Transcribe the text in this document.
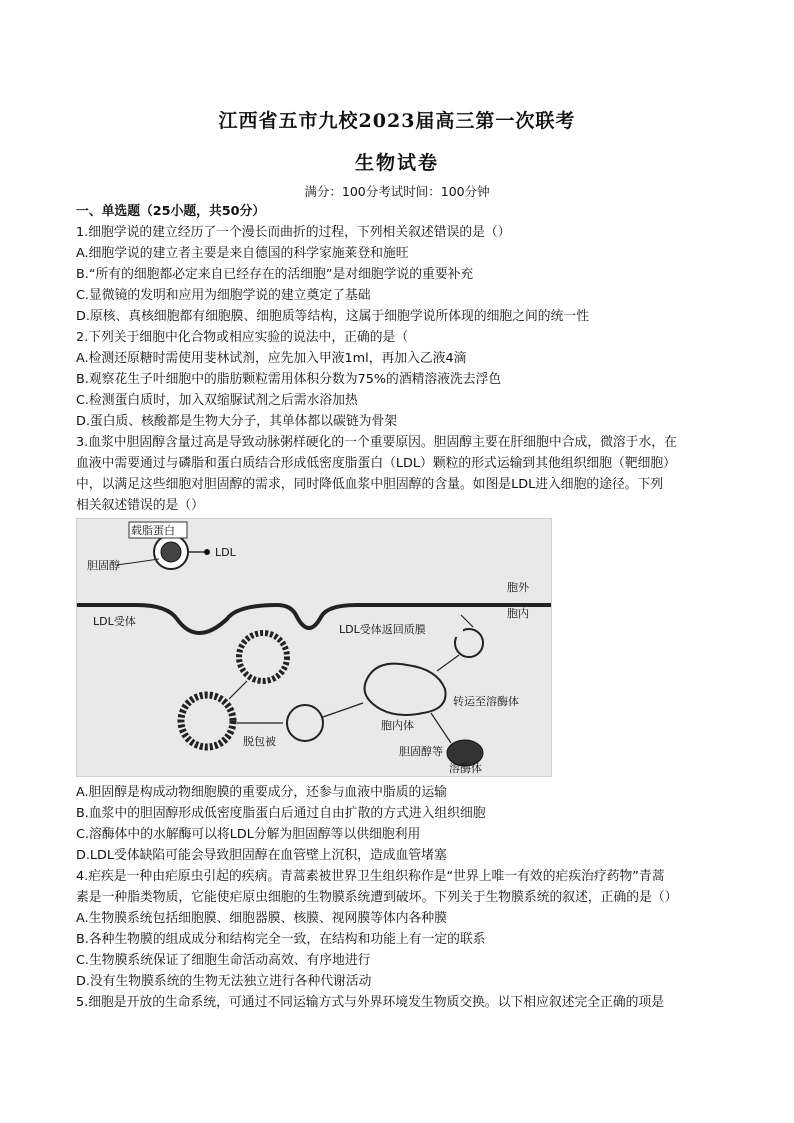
江西省五市九校2023届高三第一次联考
生物试卷
满分：100分考试时间：100分钟
一、单选题（25小题，共50分）
1.细胞学说的建立经历了一个漫长而曲折的过程，下列相关叙述错误的是（）
A.细胞学说的建立者主要是来自德国的科学家施莱登和施旺
B.“所有的细胞都必定来自已经存在的活细胞”是对细胞学说的重要补充
C.显微镜的发明和应用为细胞学说的建立奠定了基础
D.原核、真核细胞都有细胞膜、细胞质等结构，这属于细胞学说所体现的细胞之间的统一性
2.下列关于细胞中化合物或相应实验的说法中，正确的是（
A.检测还原糖时需使用斐林试剂，应先加入甲液1ml，再加入乙液4滴
B.观察花生子叶细胞中的脂肪颗粒需用体积分数为75%的酒精溶液洗去浮色
C.检测蛋白质时，加入双缩脲试剂之后需水浴加热
D.蛋白质、核酸都是生物大分子，其单体都以碳链为骨架
3.血浆中胆固醇含量过高是导致动脉粥样硬化的一个重要原因。胆固醇主要在肝细胞中合成，微溶于水，在
血液中需要通过与磷脂和蛋白质结合形成低密度脂蛋白（LDL）颗粒的形式运输到其他组织细胞（靶细胞）
中，以满足这些细胞对胆固醇的需求，同时降低血浆中胆固醇的含量。如图是LDL进入细胞的途径。下列
相关叙述错误的是（）
载脂蛋白
LDL
胆固醇
LDL受体
胞外
胞内
脱包被
胞内体
LDL受体返回质膜
转运至溶酶体
胆固醇等
溶酶体
A.胆固醇是构成动物细胞膜的重要成分，还参与血液中脂质的运输
B.血浆中的胆固醇形成低密度脂蛋白后通过自由扩散的方式进入组织细胞
C.溶酶体中的水解酶可以将LDL分解为胆固醇等以供细胞利用
D.LDL受体缺陷可能会导致胆固醇在血管壁上沉积，造成血管堵塞
4.疟疾是一种由疟原虫引起的疾病。青蒿素被世界卫生组织称作是“世界上唯一有效的疟疾治疗药物”青蒿
素是一种脂类物质，它能使疟原虫细胞的生物膜系统遭到破坏。下列关于生物膜系统的叙述，正确的是（）
A.生物膜系统包括细胞膜、细胞器膜、核膜、视网膜等体内各种膜
B.各种生物膜的组成成分和结构完全一致，在结构和功能上有一定的联系
C.生物膜系统保证了细胞生命活动高效、有序地进行
D.没有生物膜系统的生物无法独立进行各种代谢活动
5.细胞是开放的生命系统，可通过不同运输方式与外界环境发生物质交换。以下相应叙述完全正确的项是
